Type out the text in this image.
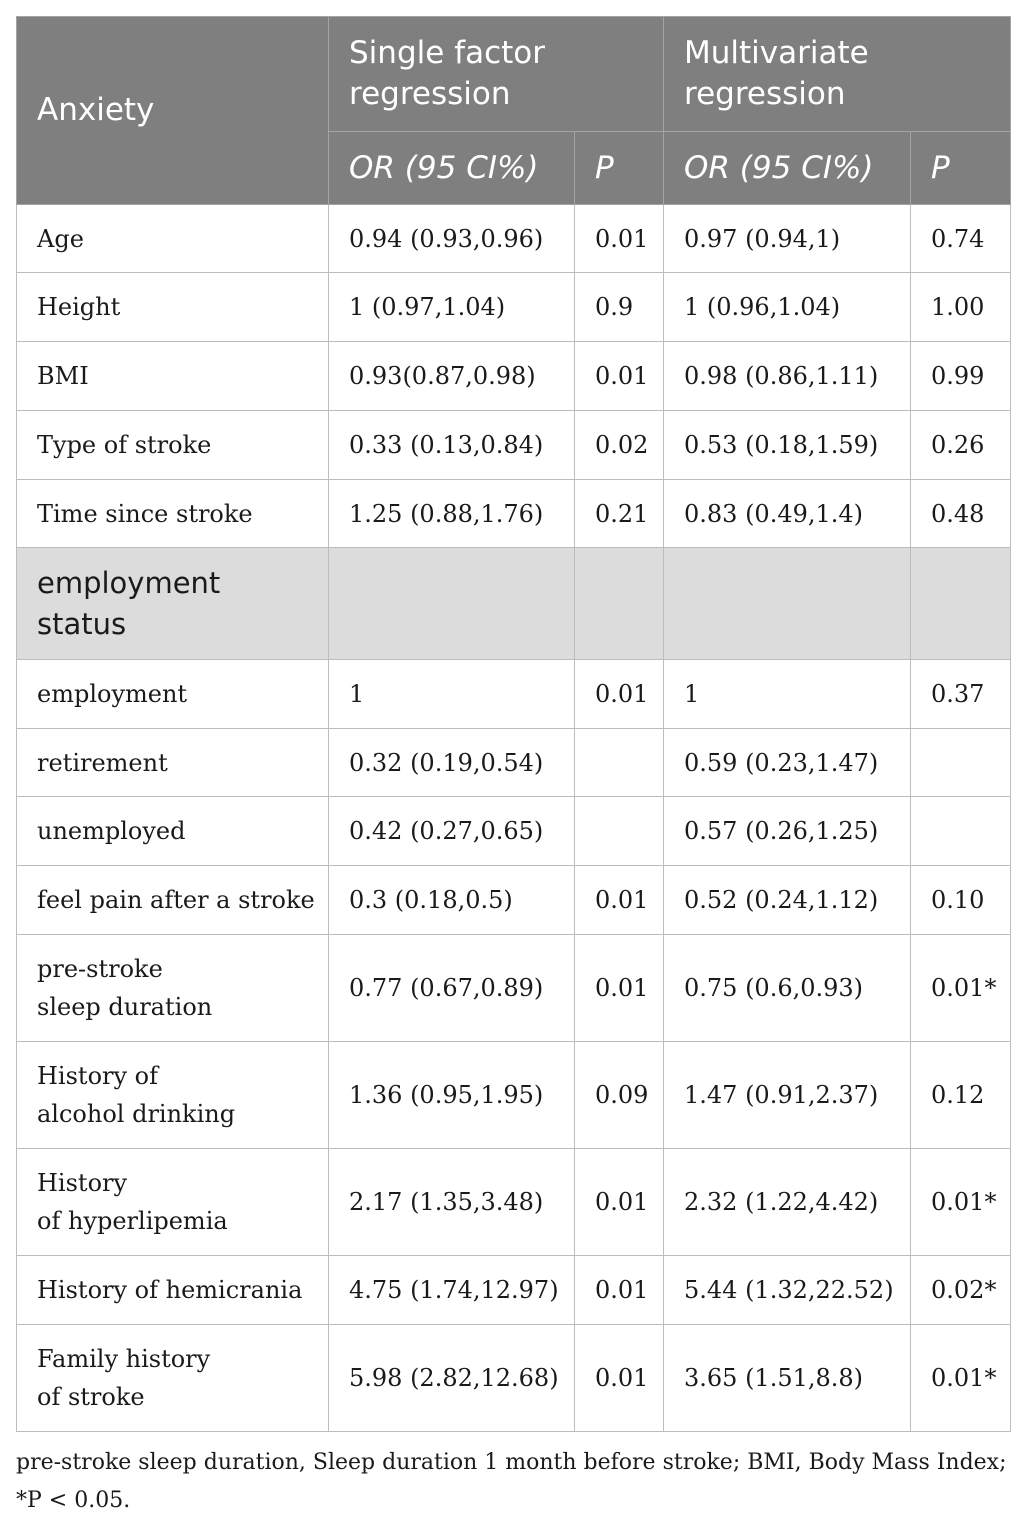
Anxiety	Single factor regression		Multivariate regression	
	OR (95 CI%)	P	OR (95 CI%)	P
Age	0.94 (0.93,0.96)	0.01	0.97 (0.94,1)	0.74
Height	1 (0.97,1.04)	0.9	1 (0.96,1.04)	1.00
BMI	0.93(0.87,0.98)	0.01	0.98 (0.86,1.11)	0.99
Type of stroke	0.33 (0.13,0.84)	0.02	0.53 (0.18,1.59)	0.26
Time since stroke	1.25 (0.88,1.76)	0.21	0.83 (0.49,1.4)	0.48
employment status				
employment	1	0.01	1	0.37
retirement	0.32 (0.19,0.54)		0.59 (0.23,1.47)	
unemployed	0.42 (0.27,0.65)		0.57 (0.26,1.25)	
feel pain after a stroke	0.3 (0.18,0.5)	0.01	0.52 (0.24,1.12)	0.10

pre-stroke
sleep duration	0.77 (0.67,0.89)	0.01	0.75 (0.6,0.93)	0.01*

History of
alcohol drinking	1.36 (0.95,1.95)	0.09	1.47 (0.91,2.37)	0.12

History
of hyperlipemia	2.17 (1.35,3.48)	0.01	2.32 (1.22,4.42)	0.01*
History of hemicrania	4.75 (1.74,12.97)	0.01	5.44 (1.32,22.52)	0.02*

Family history
of stroke	5.98 (2.82,12.68)	0.01	3.65 (1.51,8.8)	0.01*
pre-stroke sleep duration, Sleep duration 1 month before stroke; BMI, Body Mass Index;
*P < 0.05.
